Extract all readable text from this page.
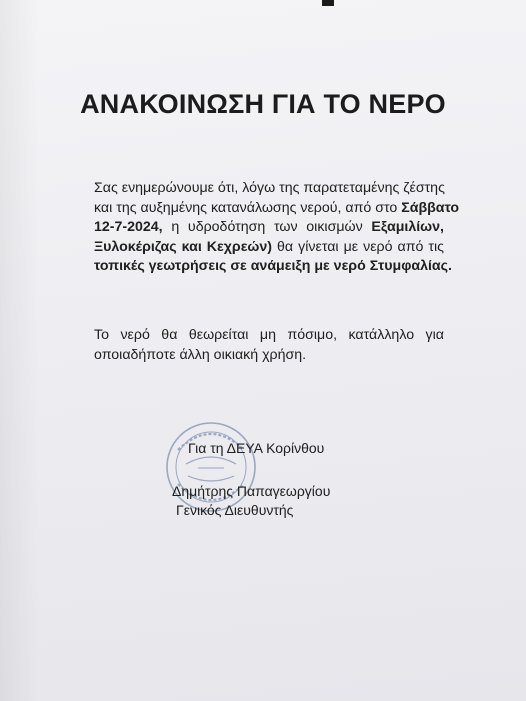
ΑΝΑΚΟΙΝΩΣΗ ΓΙΑ ΤΟ ΝΕΡΟ
Σας ενημερώνουμε ότι, λόγω της παρατεταμένης ζέστης
και της αυξημένης κατανάλωσης νερού, από στο Σάββατο
12-7-2024, η υδροδότηση των οικισμών Εξαμιλίων,
Ξυλοκέριζας και Κεχρεών) θα γίνεται με νερό από τις
τοπικές γεωτρήσεις σε ανάμειξη με νερό Στυμφαλίας.
Το νερό θα θεωρείται μη πόσιμο, κατάλληλο για
οποιαδήποτε άλλη οικιακή χρήση.
Για τη ΔΕΥΑ Κορίνθου
Δημήτρης Παπαγεωργίου
Γενικός Διευθυντής
